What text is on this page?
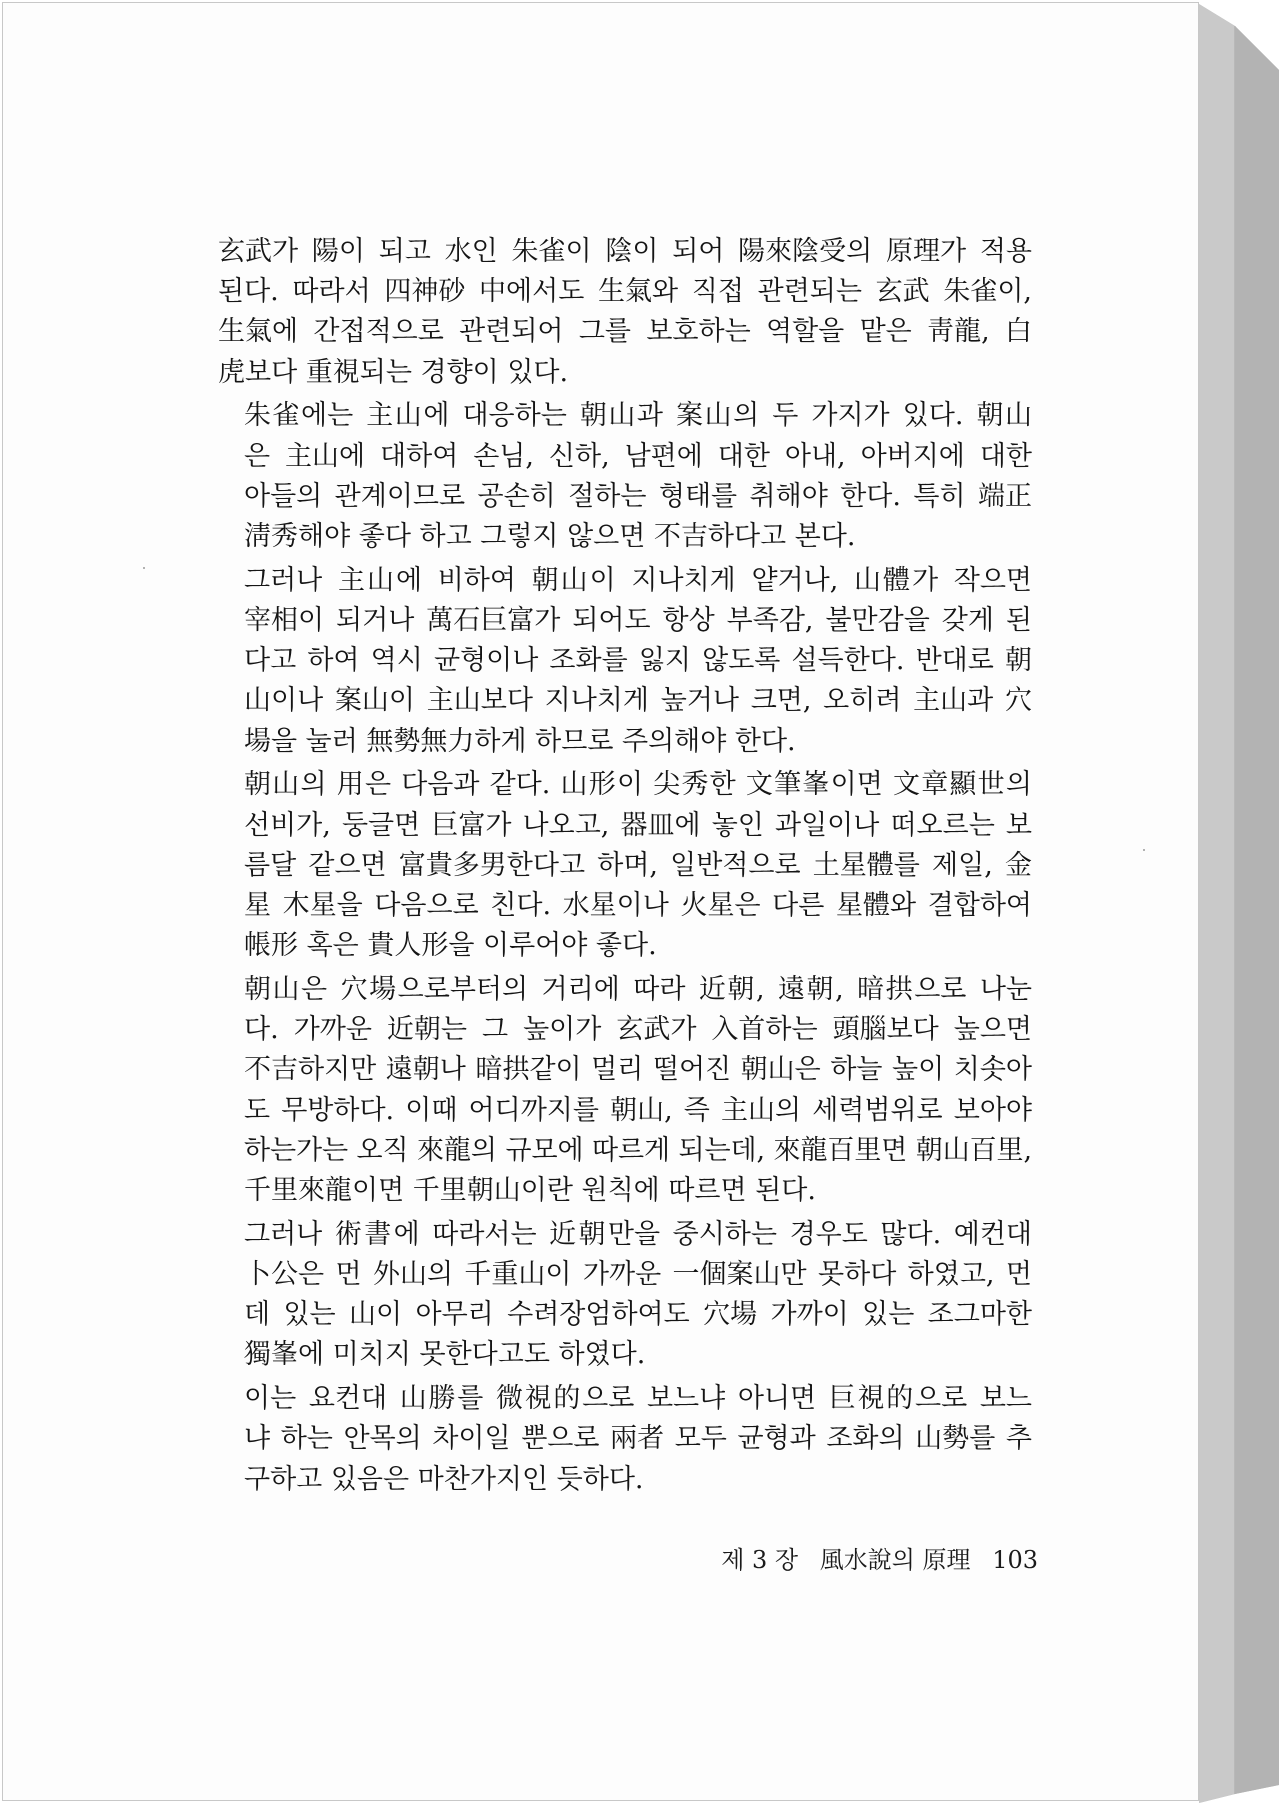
玄武가 陽이 되고 水인 朱雀이 陰이 되어 陽來陰受의 原理가 적용
된다. 따라서 四神砂 中에서도 生氣와 직접 관련되는 玄武 朱雀이,
生氣에 간접적으로 관련되어 그를 보호하는 역할을 맡은 靑龍, 白
虎보다 重視되는 경향이 있다.
朱雀에는 主山에 대응하는 朝山과 案山의 두 가지가 있다. 朝山
은 主山에 대하여 손님, 신하, 남편에 대한 아내, 아버지에 대한
아들의 관계이므로 공손히 절하는 형태를 취해야 한다. 특히 端正
淸秀해야 좋다 하고 그렇지 않으면 不吉하다고 본다.
그러나 主山에 비하여 朝山이 지나치게 얕거나, 山體가 작으면
宰相이 되거나 萬石巨富가 되어도 항상 부족감, 불만감을 갖게 된
다고 하여 역시 균형이나 조화를 잃지 않도록 설득한다. 반대로 朝
山이나 案山이 主山보다 지나치게 높거나 크면, 오히려 主山과 穴
場을 눌러 無勢無力하게 하므로 주의해야 한다.
朝山의 用은 다음과 같다. 山形이 尖秀한 文筆峯이면 文章顯世의
선비가, 둥글면 巨富가 나오고, 器皿에 놓인 과일이나 떠오르는 보
름달 같으면 富貴多男한다고 하며, 일반적으로 土星體를 제일, 金
星 木星을 다음으로 친다. 水星이나 火星은 다른 星體와 결합하여
帳形 혹은 貴人形을 이루어야 좋다.
朝山은 穴場으로부터의 거리에 따라 近朝, 遠朝, 暗拱으로 나눈
다. 가까운 近朝는 그 높이가 玄武가 入首하는 頭腦보다 높으면
不吉하지만 遠朝나 暗拱같이 멀리 떨어진 朝山은 하늘 높이 치솟아
도 무방하다. 이때 어디까지를 朝山, 즉 主山의 세력범위로 보아야
하는가는 오직 來龍의 규모에 따르게 되는데, 來龍百里면 朝山百里,
千里來龍이면 千里朝山이란 원칙에 따르면 된다.
그러나 術書에 따라서는 近朝만을 중시하는 경우도 많다. 예컨대
卜公은 먼 外山의 千重山이 가까운 一個案山만 못하다 하였고, 먼
데 있는 山이 아무리 수려장엄하여도 穴場 가까이 있는 조그마한
獨峯에 미치지 못한다고도 하였다.
이는 요컨대 山勝를 微視的으로 보느냐 아니면 巨視的으로 보느
냐 하는 안목의 차이일 뿐으로 兩者 모두 균형과 조화의 山勢를 추
구하고 있음은 마찬가지인 듯하다.
제 3 장 風水說의 原理 103
